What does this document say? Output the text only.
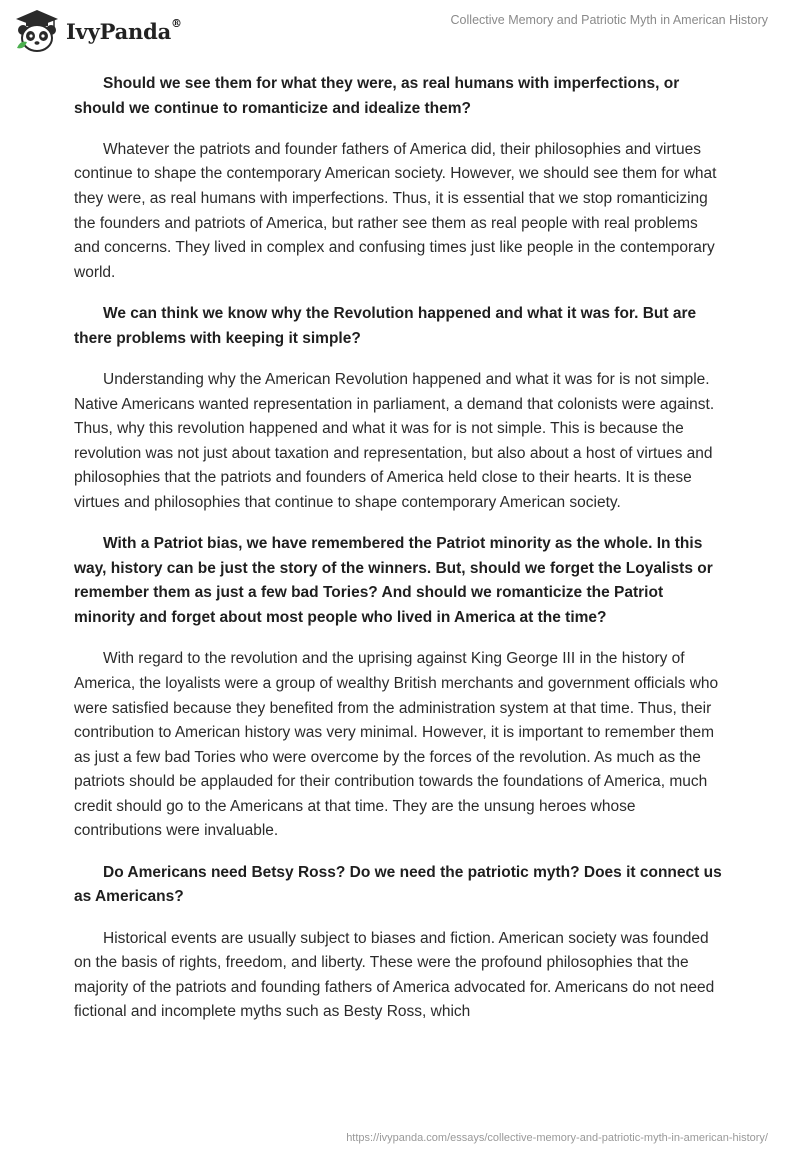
IvyPanda®	Collective Memory and Patriotic Myth in American History

Should we see them for what they were, as real humans with imperfections, or should we continue to romanticize and idealize them?

Whatever the patriots and founder fathers of America did, their philosophies and virtues continue to shape the contemporary American society. However, we should see them for what they were, as real humans with imperfections. Thus, it is essential that we stop romanticizing the founders and patriots of America, but rather see them as real people with real problems and concerns. They lived in complex and confusing times just like people in the contemporary world.

We can think we know why the Revolution happened and what it was for. But are there problems with keeping it simple?

Understanding why the American Revolution happened and what it was for is not simple. Native Americans wanted representation in parliament, a demand that colonists were against. Thus, why this revolution happened and what it was for is not simple. This is because the revolution was not just about taxation and representation, but also about a host of virtues and philosophies that the patriots and founders of America held close to their hearts. It is these virtues and philosophies that continue to shape contemporary American society.

With a Patriot bias, we have remembered the Patriot minority as the whole. In this way, history can be just the story of the winners. But, should we forget the Loyalists or remember them as just a few bad Tories? And should we romanticize the Patriot minority and forget about most people who lived in America at the time?

With regard to the revolution and the uprising against King George III in the history of America, the loyalists were a group of wealthy British merchants and government officials who were satisfied because they benefited from the administration system at that time. Thus, their contribution to American history was very minimal. However, it is important to remember them as just a few bad Tories who were overcome by the forces of the revolution. As much as the patriots should be applauded for their contribution towards the foundations of America, much credit should go to the Americans at that time. They are the unsung heroes whose contributions were invaluable.

Do Americans need Betsy Ross? Do we need the patriotic myth? Does it connect us as Americans?

Historical events are usually subject to biases and fiction. American society was founded on the basis of rights, freedom, and liberty. These were the profound philosophies that the majority of the patriots and founding fathers of America advocated for. Americans do not need fictional and incomplete myths such as Besty Ross, which

https://ivypanda.com/essays/collective-memory-and-patriotic-myth-in-american-history/
